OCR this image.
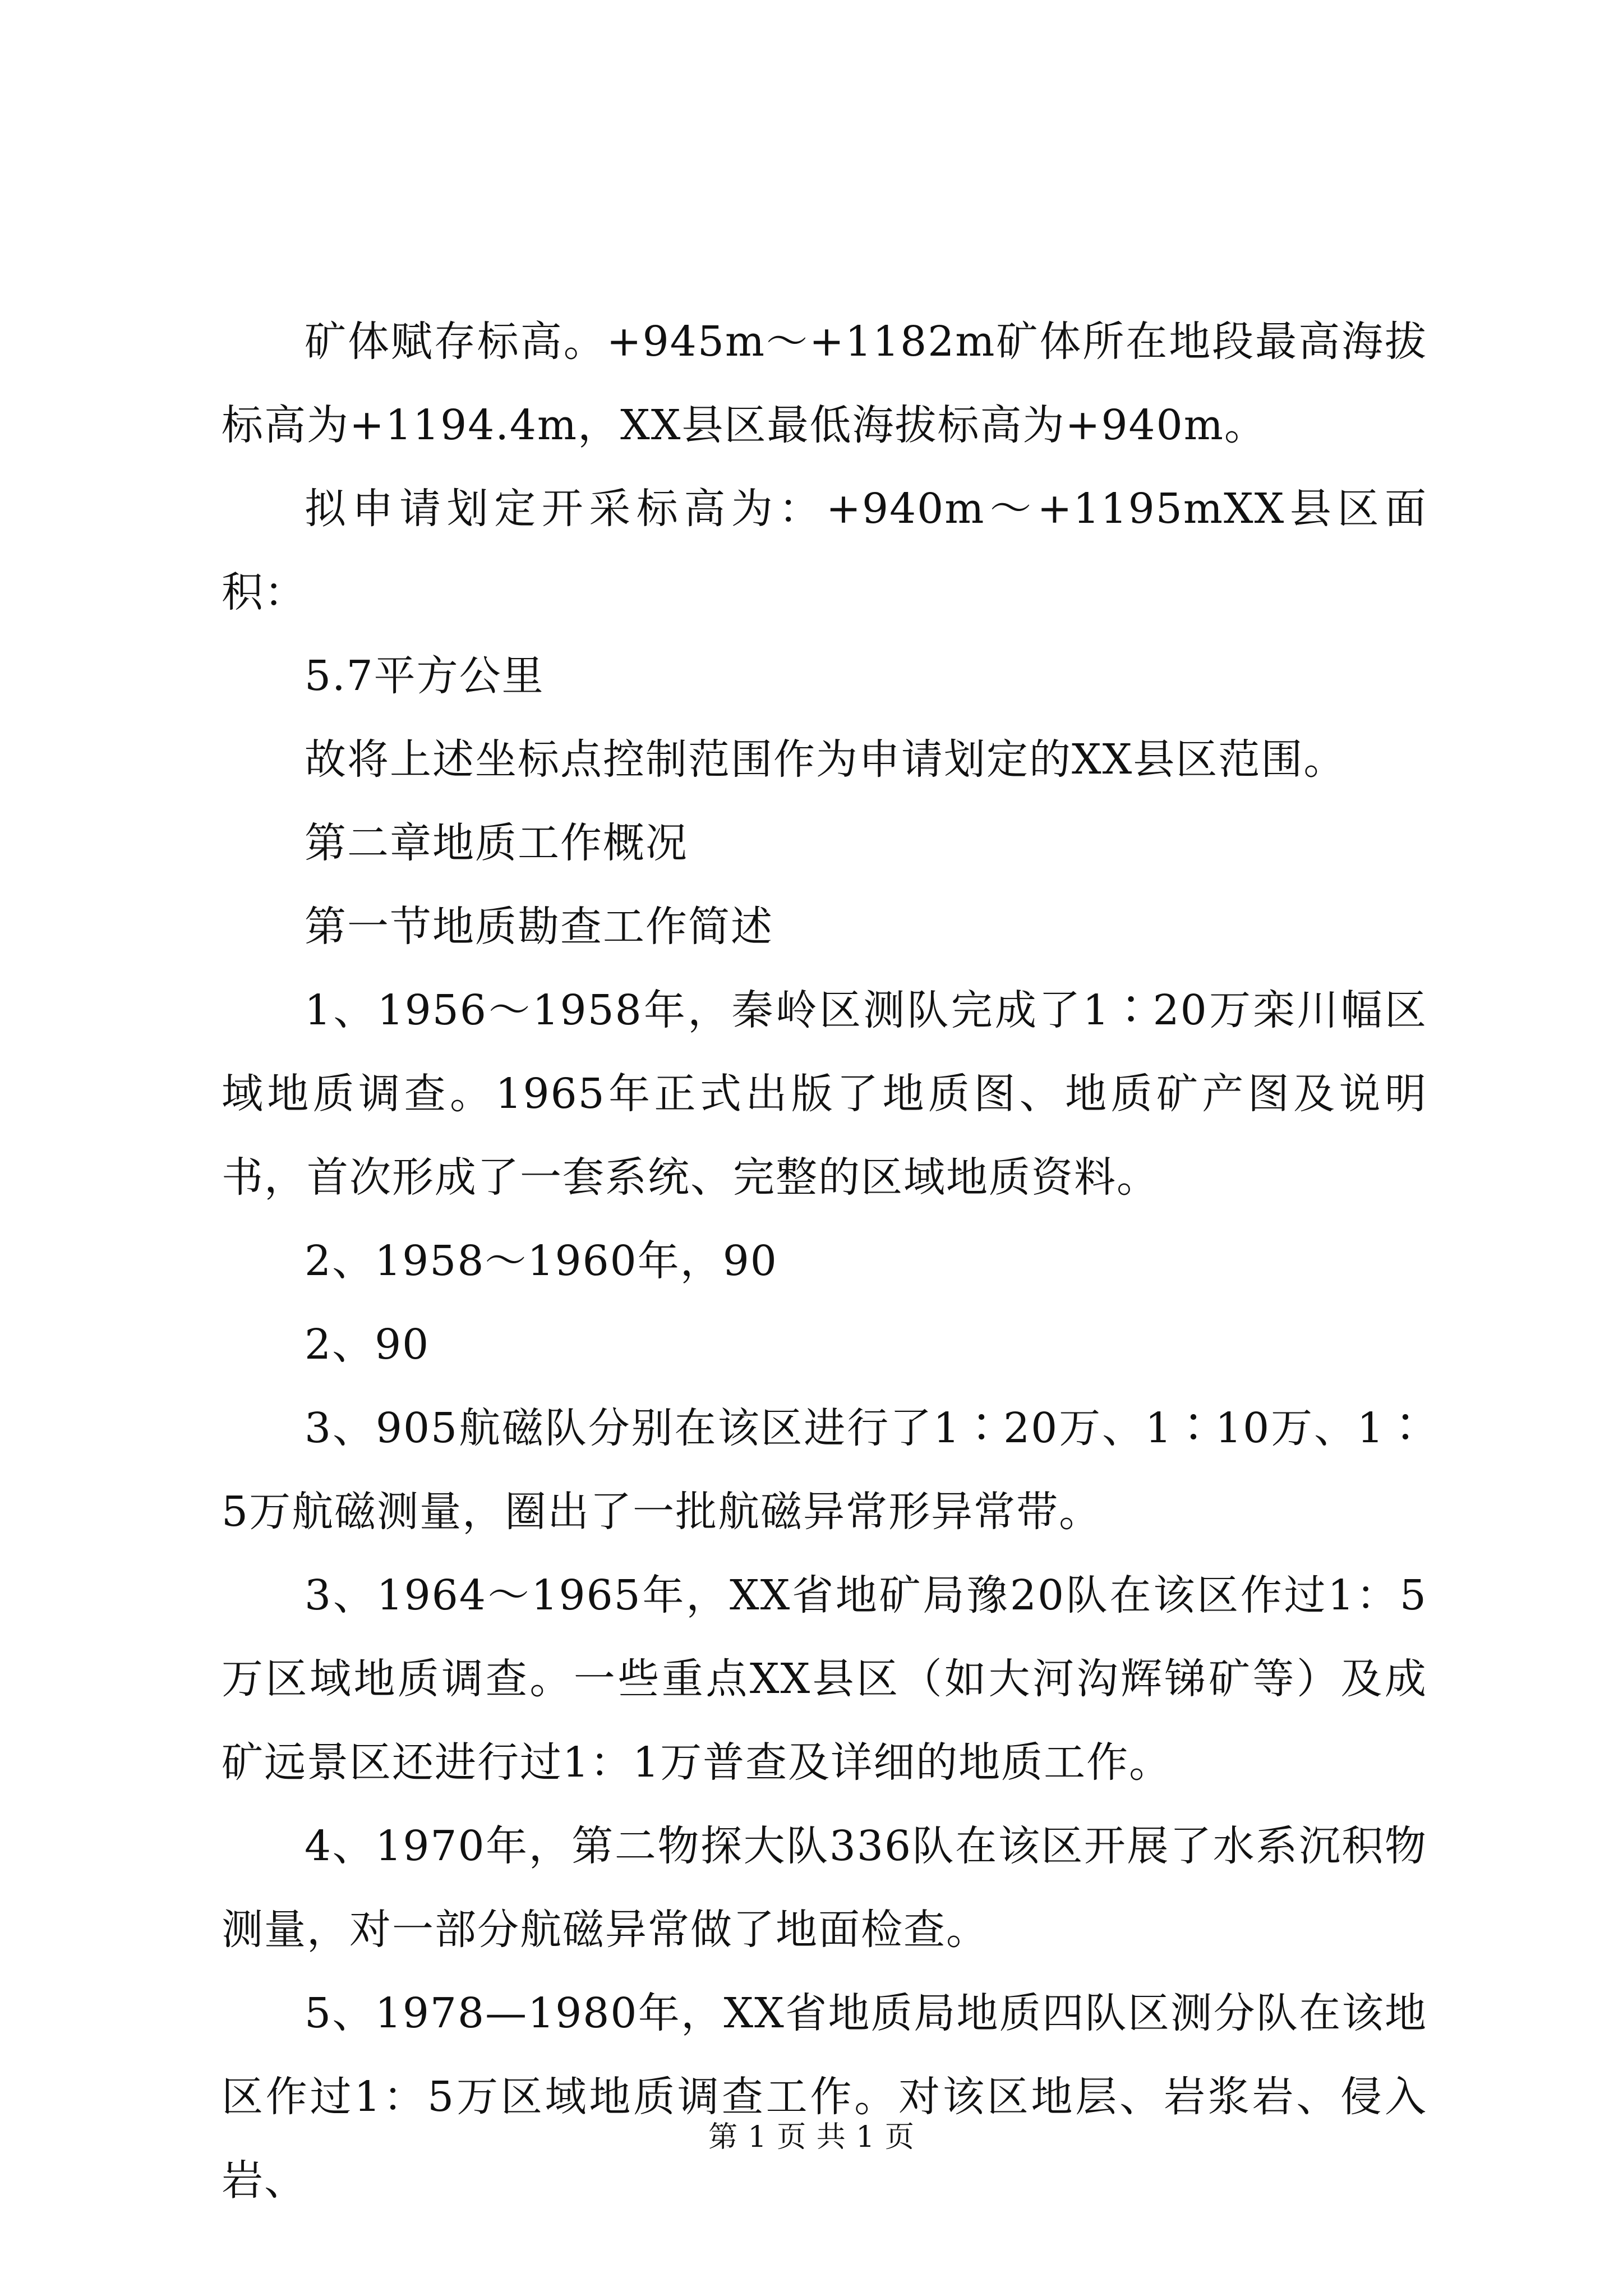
矿体赋存标高。+945m～+1182m矿体所在地段最高海拔标高为+1194.4m，XX县区最低海拔标高为+940m。

拟申请划定开采标高为：+940m～+1195mXX县区面积：

5.7平方公里

故将上述坐标点控制范围作为申请划定的XX县区范围。

第二章地质工作概况

第一节地质勘查工作简述

1、1956～1958年，秦岭区测队完成了1∶20万栾川幅区域地质调查。1965年正式出版了地质图、地质矿产图及说明书，首次形成了一套系统、完整的区域地质资料。

2、1958～1960年，90

2、90

3、905航磁队分别在该区进行了1∶20万、1∶10万、1∶5万航磁测量，圈出了一批航磁异常形异常带。

3、1964～1965年，XX省地矿局豫20队在该区作过1：5万区域地质调查。一些重点XX县区（如大河沟辉锑矿等）及成矿远景区还进行过1：1万普查及详细的地质工作。

4、1970年，第二物探大队336队在该区开展了水系沉积物测量，对一部分航磁异常做了地面检查。

5、1978—1980年，XX省地质局地质四队区测分队在该地区作过1：5万区域地质调查工作。对该区地层、岩浆岩、侵入岩、

第 1 页 共 1 页
